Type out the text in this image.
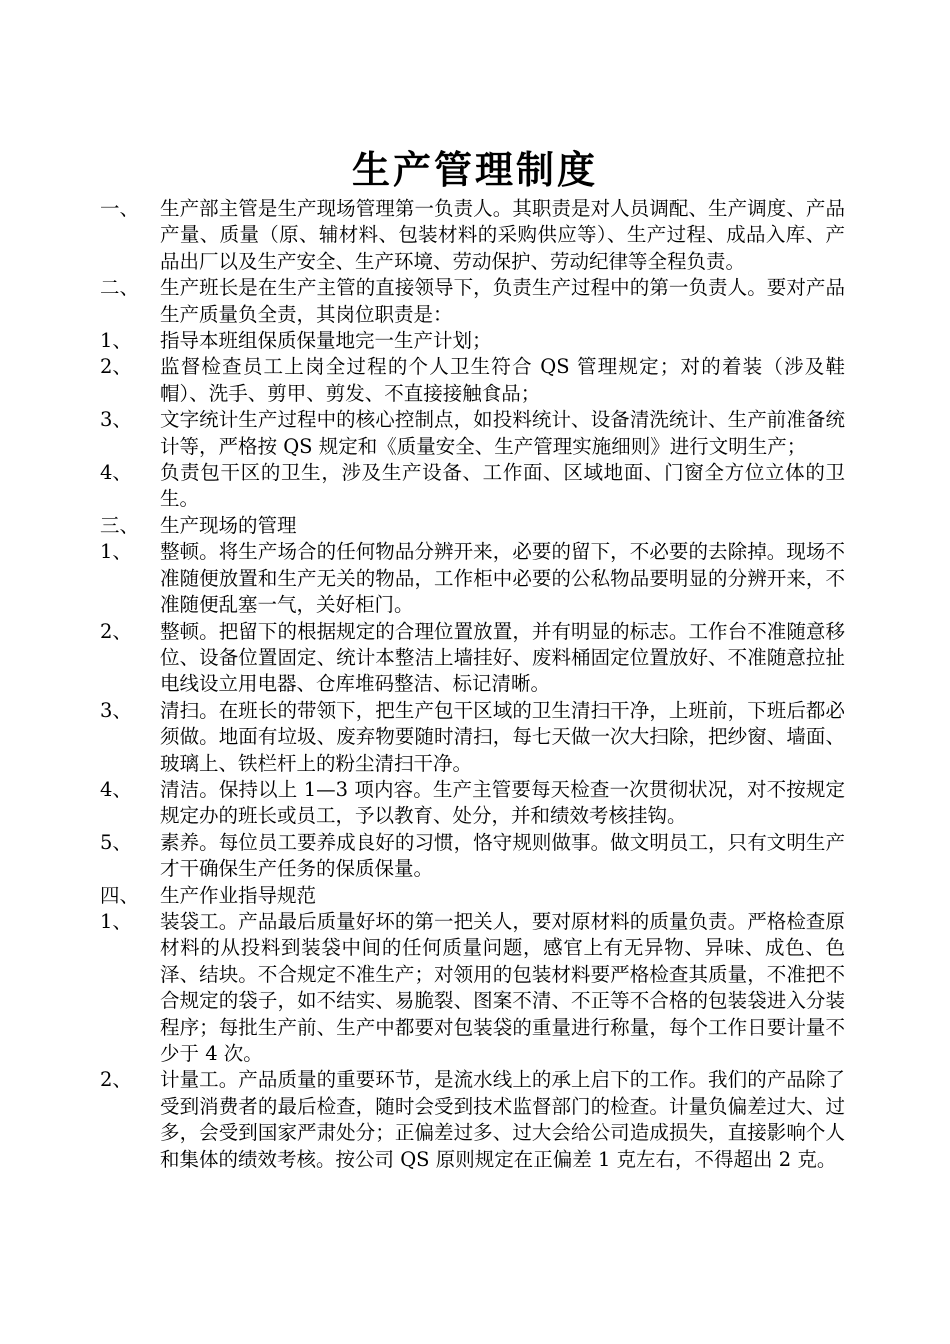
生产管理制度
一、	生产部主管是生产现场管理第一负责人。其职责是对人员调配、生产调度、产品产量、质量（原、辅材料、包装材料的采购供应等）、生产过程、成品入库、产品出厂以及生产安全、生产环境、劳动保护、劳动纪律等全程负责。
二、	生产班长是在生产主管的直接领导下，负责生产过程中的第一负责人。要对产品生产质量负全责，其岗位职责是：
1、	指导本班组保质保量地完一生产计划；
2、	监督检查员工上岗全过程的个人卫生符合 QS 管理规定；对的着装（涉及鞋帽）、洗手、剪甲、剪发、不直接接触食品；
3、	文字统计生产过程中的核心控制点，如投料统计、设备清洗统计、生产前准备统计等，严格按 QS 规定和《质量安全、生产管理实施细则》进行文明生产；
4、	负责包干区的卫生，涉及生产设备、工作面、区域地面、门窗全方位立体的卫生。
三、	生产现场的管理
1、	整顿。将生产场合的任何物品分辨开来，必要的留下，不必要的去除掉。现场不准随便放置和生产无关的物品，工作柜中必要的公私物品要明显的分辨开来，不准随便乱塞一气，关好柜门。
2、	整顿。把留下的根据规定的合理位置放置，并有明显的标志。工作台不准随意移位、设备位置固定、统计本整洁上墙挂好、废料桶固定位置放好、不准随意拉扯电线设立用电器、仓库堆码整洁、标记清晰。
3、	清扫。在班长的带领下，把生产包干区域的卫生清扫干净，上班前，下班后都必须做。地面有垃圾、废弃物要随时清扫，每七天做一次大扫除，把纱窗、墙面、玻璃上、铁栏杆上的粉尘清扫干净。
4、	清洁。保持以上 1—3 项内容。生产主管要每天检查一次贯彻状况，对不按规定规定办的班长或员工，予以教育、处分，并和绩效考核挂钩。
5、	素养。每位员工要养成良好的习惯，恪守规则做事。做文明员工，只有文明生产才干确保生产任务的保质保量。
四、	生产作业指导规范
1、	装袋工。产品最后质量好坏的第一把关人，要对原材料的质量负责。严格检查原材料的从投料到装袋中间的任何质量问题，感官上有无异物、异味、成色、色泽、结块。不合规定不准生产；对领用的包装材料要严格检查其质量，不准把不合规定的袋子，如不结实、易脆裂、图案不清、不正等不合格的包装袋进入分装程序；每批生产前、生产中都要对包装袋的重量进行称量，每个工作日要计量不少于 4 次。
2、	计量工。产品质量的重要环节，是流水线上的承上启下的工作。我们的产品除了受到消费者的最后检查，随时会受到技术监督部门的检查。计量负偏差过大、过多，会受到国家严肃处分；正偏差过多、过大会给公司造成损失，直接影响个人和集体的绩效考核。按公司 QS 原则规定在正偏差 1 克左右，不得超出 2 克。
